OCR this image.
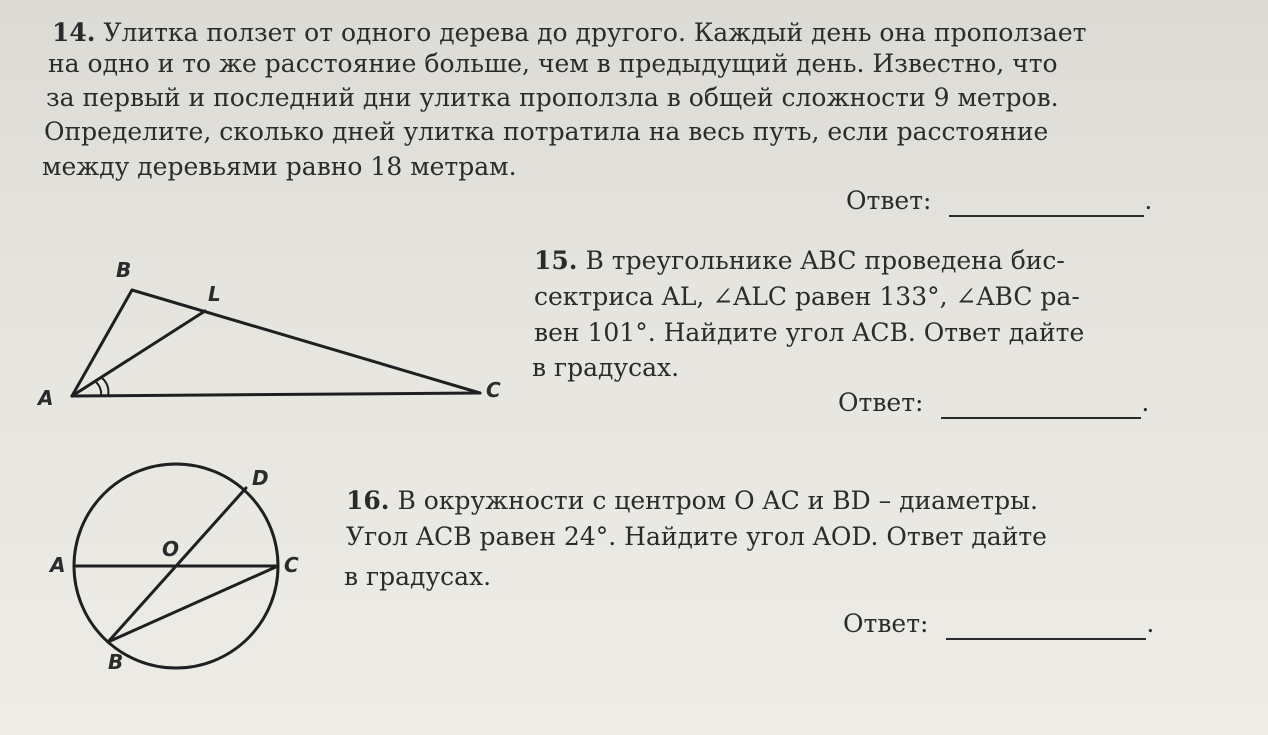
14. Улитка ползет от одного дерева до другого. Каждый день она проползает
на одно и то же расстояние больше, чем в предыдущий день. Известно, что
за первый и последний дни улитка проползла в общей сложности 9 метров.
Определите, сколько дней улитка потратила на весь путь, если расстояние
между деревьями равно 18 метрам.
Ответ:	.
15. В треугольнике ABC проведена бис-
сектриса AL, ∠ALC равен 133°, ∠ABC ра-
вен 101°. Найдите угол ACB. Ответ дайте
в градусах.
Ответ:	.
16. В окружности с центром O AC и BD – диаметры.
Угол ACB равен 24°. Найдите угол AOD. Ответ дайте
в градусах.
Ответ:	.
B
L
A	C
D
O
A	C
B
